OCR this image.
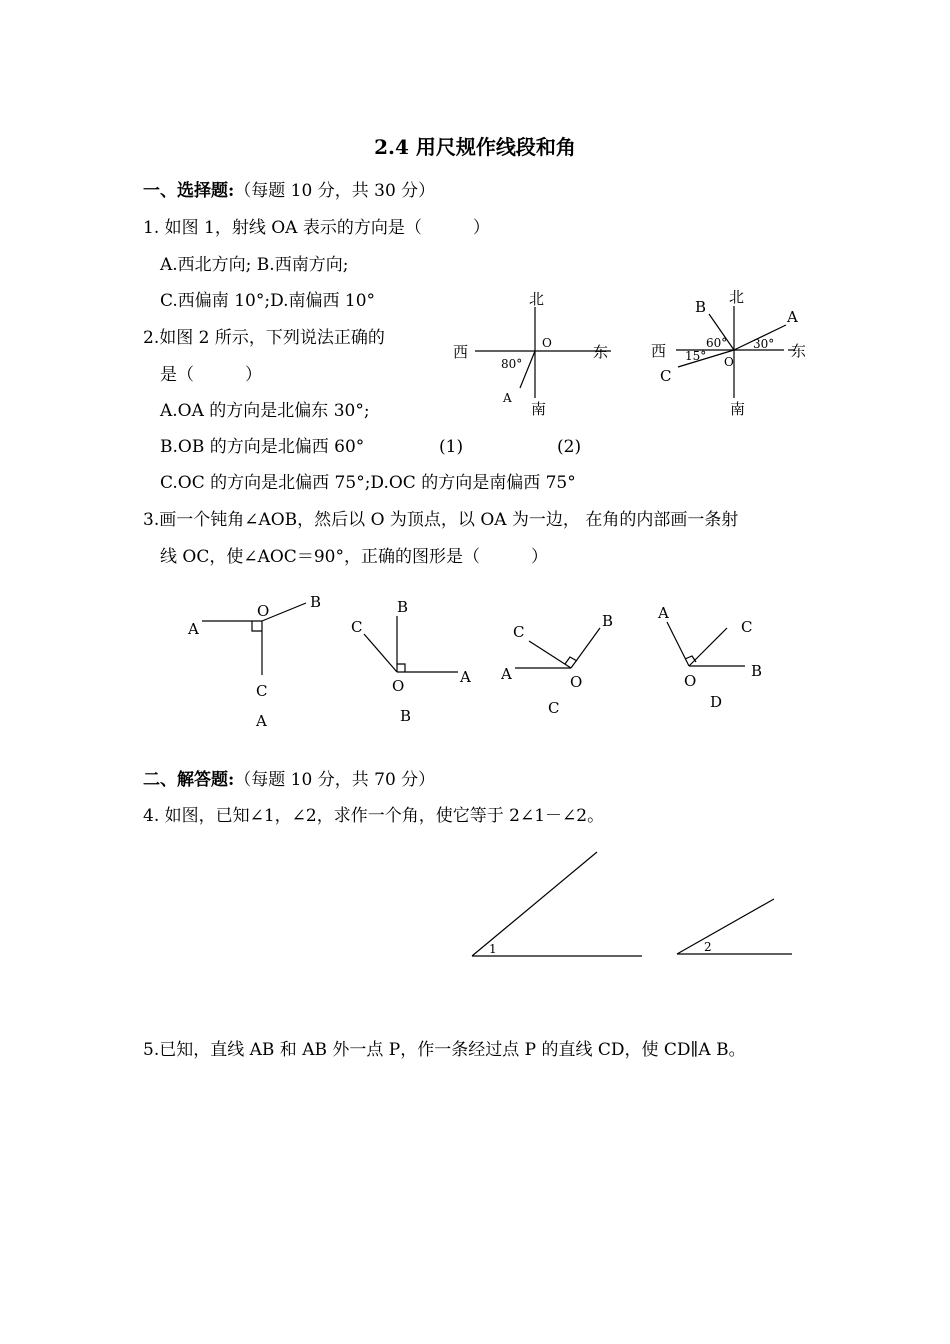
2.4 用尺规作线段和角
一、选择题:（每题 10 分，共 30 分）
1. 如图 1，射线 OA 表示的方向是（　　　）
A.西北方向; B.西南方向;
C.西偏南 10°;D.南偏西 10°
2.如图 2 所示，下列说法正确的
是（　　　）
A.OA 的方向是北偏东 30°;
B.OB 的方向是北偏西 60°	(1)	(2)
C.OC 的方向是北偏西 75°;D.OC 的方向是南偏西 75°
北
南
西	东
O
80°
A
北
南
西	东
O
60° 30°
15°
A
B
C
3.画一个钝角∠AOB，然后以 O 为顶点，以 OA 为一边， 在角的内部画一条射
线 OC，使∠AOC＝90°，正确的图形是（　　　）
O	B
A
C
A
B
C
O	A
B
C
B
A	O
C
A
C
O
B
D
二、解答题:（每题 10 分，共 70 分）
4. 如图，已知∠1，∠2，求作一个角，使它等于 2∠1－∠2。
1	2
5.已知，直线 AB 和 AB 外一点 P，作一条经过点 P 的直线 CD，使 CD∥A B。
